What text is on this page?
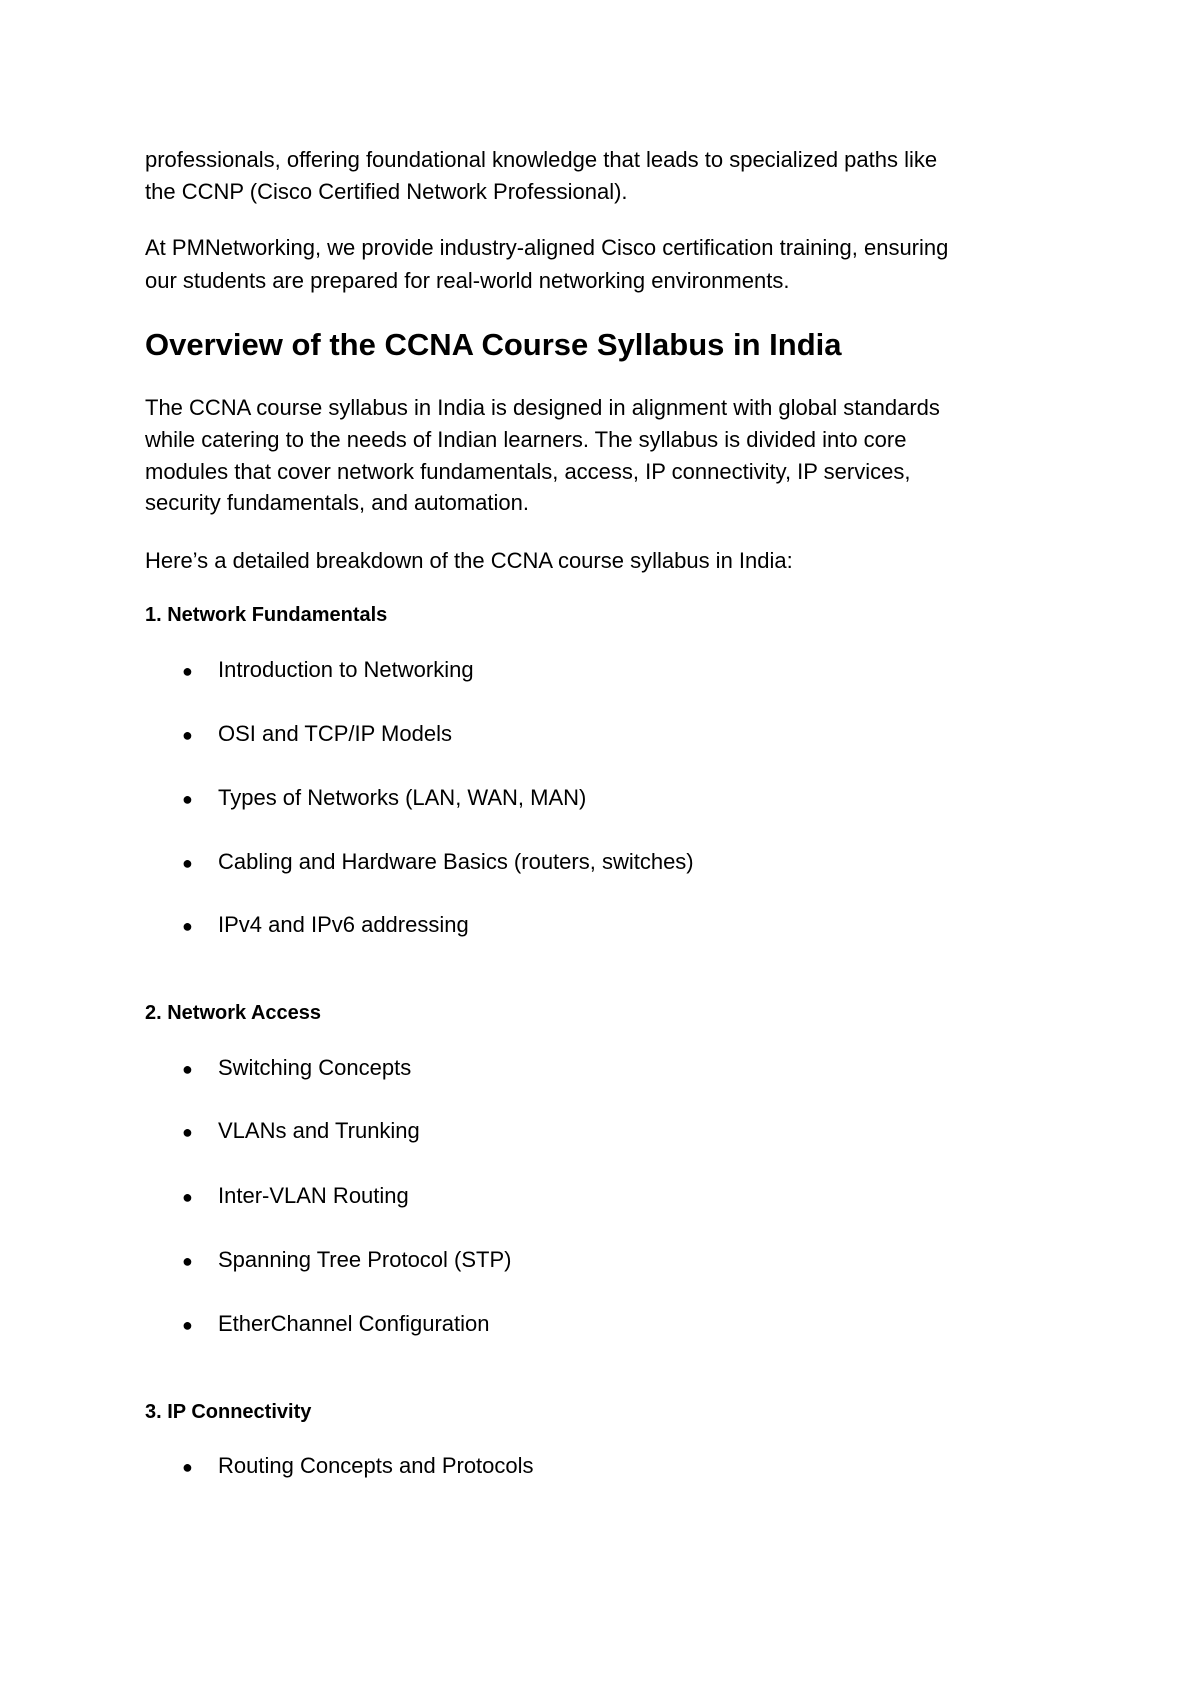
professionals, offering foundational knowledge that leads to specialized paths like
the CCNP (Cisco Certified Network Professional).
At PMNetworking, we provide industry-aligned Cisco certification training, ensuring
our students are prepared for real-world networking environments.
Overview of the CCNA Course Syllabus in India
The CCNA course syllabus in India is designed in alignment with global standards
while catering to the needs of Indian learners. The syllabus is divided into core
modules that cover network fundamentals, access, IP connectivity, IP services,
security fundamentals, and automation.
Here’s a detailed breakdown of the CCNA course syllabus in India:
1. Network Fundamentals
● Introduction to Networking
● OSI and TCP/IP Models
● Types of Networks (LAN, WAN, MAN)
● Cabling and Hardware Basics (routers, switches)
● IPv4 and IPv6 addressing
2. Network Access
● Switching Concepts
● VLANs and Trunking
● Inter-VLAN Routing
● Spanning Tree Protocol (STP)
● EtherChannel Configuration
3. IP Connectivity
● Routing Concepts and Protocols
